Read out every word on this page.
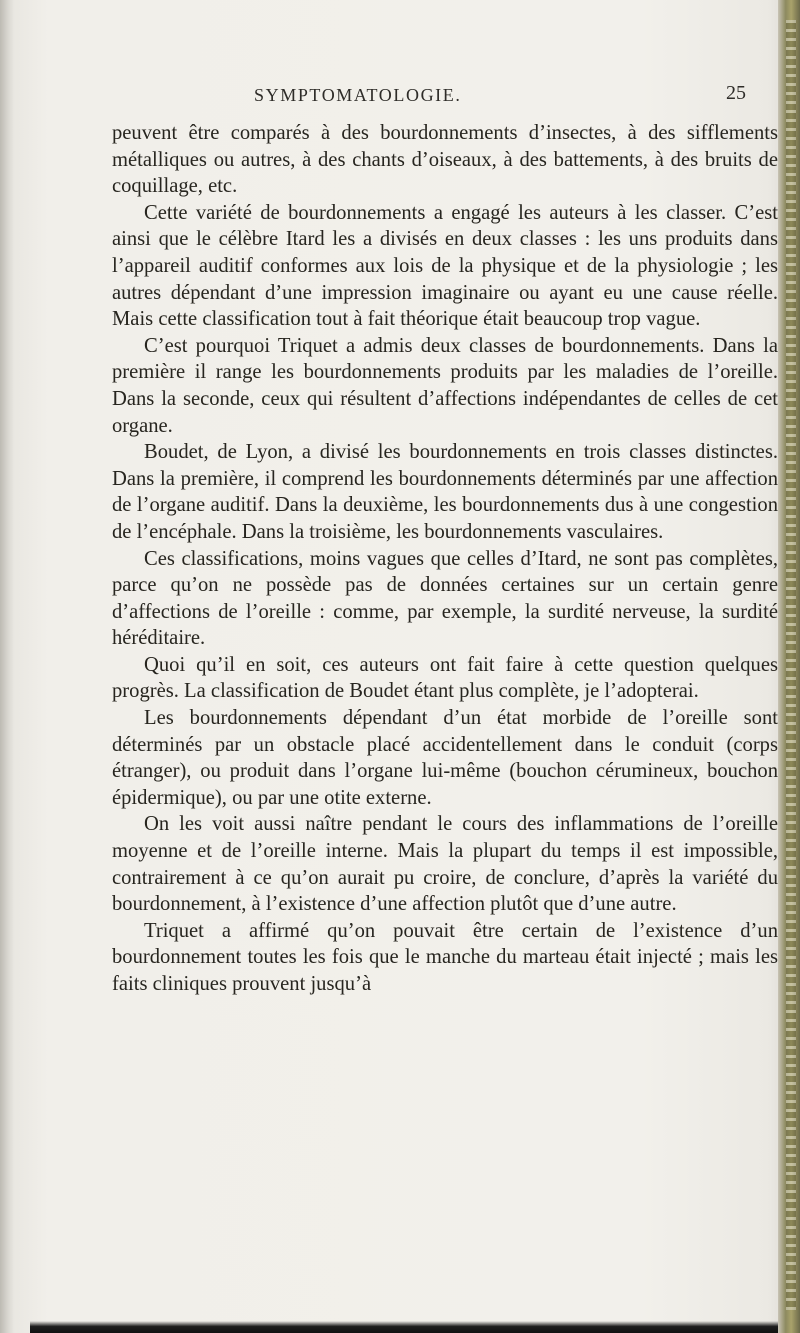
SYMPTOMATOLOGIE.	25

peuvent être comparés à des bourdonnements d’insectes, à des sifflements métalliques ou autres, à des chants d’oiseaux, à des battements, à des bruits de coquillage, etc.

Cette variété de bourdonnements a engagé les auteurs à les classer. C’est ainsi que le célèbre Itard les a divisés en deux classes : les uns produits dans l’appareil auditif conformes aux lois de la physique et de la physiologie ; les autres dépendant d’une impression imaginaire ou ayant eu une cause réelle. Mais cette classification tout à fait théorique était beaucoup trop vague.

C’est pourquoi Triquet a admis deux classes de bourdonnements. Dans la première il range les bourdonnements produits par les maladies de l’oreille. Dans la seconde, ceux qui résultent d’affections indépendantes de celles de cet organe.

Boudet, de Lyon, a divisé les bourdonnements en trois classes distinctes. Dans la première, il comprend les bourdonnements déterminés par une affection de l’organe auditif. Dans la deuxième, les bourdonnements dus à une congestion de l’encéphale. Dans la troisième, les bourdonnements vasculaires.

Ces classifications, moins vagues que celles d’Itard, ne sont pas complètes, parce qu’on ne possède pas de données certaines sur un certain genre d’affections de l’oreille : comme, par exemple, la surdité nerveuse, la surdité héréditaire.

Quoi qu’il en soit, ces auteurs ont fait faire à cette question quelques progrès. La classification de Boudet étant plus complète, je l’adopterai.

Les bourdonnements dépendant d’un état morbide de l’oreille sont déterminés par un obstacle placé accidentellement dans le conduit (corps étranger), ou produit dans l’organe lui-même (bouchon cérumineux, bouchon épidermique), ou par une otite externe.

On les voit aussi naître pendant le cours des inflammations de l’oreille moyenne et de l’oreille interne. Mais la plupart du temps il est impossible, contrairement à ce qu’on aurait pu croire, de conclure, d’après la variété du bourdonnement, à l’existence d’une affection plutôt que d’une autre.

Triquet a affirmé qu’on pouvait être certain de l’existence d’un bourdonnement toutes les fois que le manche du marteau était injecté ; mais les faits cliniques prouvent jusqu’à
